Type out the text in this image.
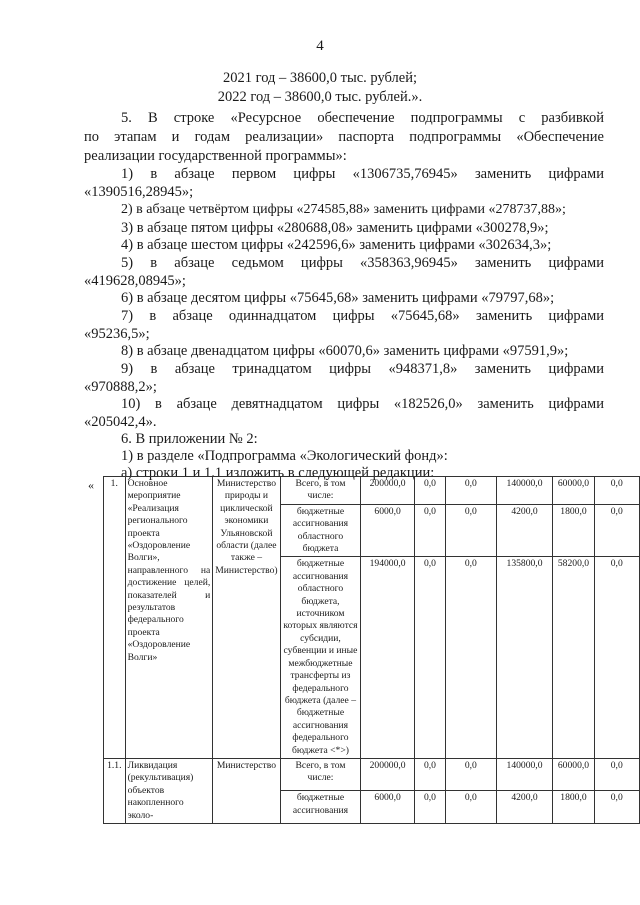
4
2021 год – 38600,0 тыс. рублей;
2022 год – 38600,0 тыс. рублей.».
5. В строке «Ресурсное обеспечение подпрограммы с разбивкой
по этапам и годам реализации» паспорта подпрограммы «Обеспечение
реализации государственной программы»:
1) в абзаце первом цифры «1306735,76945» заменить цифрами
«1390516,28945»;
2) в абзаце четвёртом цифры «274585,88» заменить цифрами «278737,88»;
3) в абзаце пятом цифры «280688,08» заменить цифрами «300278,9»;
4) в абзаце шестом цифры «242596,6» заменить цифрами «302634,3»;
5) в абзаце седьмом цифры «358363,96945» заменить цифрами
«419628,08945»;
6) в абзаце десятом цифры «75645,68» заменить цифрами «79797,68»;
7) в абзаце одиннадцатом цифры «75645,68» заменить цифрами
«95236,5»;
8) в абзаце двенадцатом цифры «60070,6» заменить цифрами «97591,9»;
9) в абзаце тринадцатом цифры «948371,8» заменить цифрами
«970888,2»;
10) в абзаце девятнадцатом цифры «182526,0» заменить цифрами
«205042,4».
6. В приложении № 2:
1) в разделе «Подпрограмма «Экологический фонд»:
а) строки 1 и 1.1 изложить в следующей редакции:
« 1.	Основное мероприятие «Реализация регионального проекта «Оздоровление Волги», направленного на достижение целей, показателей и результатов федерального проекта «Оздоровление Волги»	Министерство природы и циклической экономики Ульяновской области (далее также – Министерство)	Всего, в том числе:	200000,0	0,0	0,0	140000,0	60000,0	0,0
			бюджетные ассигнования областного бюджета	6000,0	0,0	0,0	4200,0	1800,0	0,0
			бюджетные ассигнования областного бюджета, источником которых являются субсидии, субвенции и иные межбюджетные трансферты из федерального бюджета (далее – бюджетные ассигнования федерального бюджета <*>)	194000,0	0,0	0,0	135800,0	58200,0	0,0
1.1.	Ликвидация (рекультивация) объектов накопленного эколо-	Министерство	Всего, в том числе:	200000,0	0,0	0,0	140000,0	60000,0	0,0
			бюджетные ассигнования	6000,0	0,0	0,0	4200,0	1800,0	0,0
